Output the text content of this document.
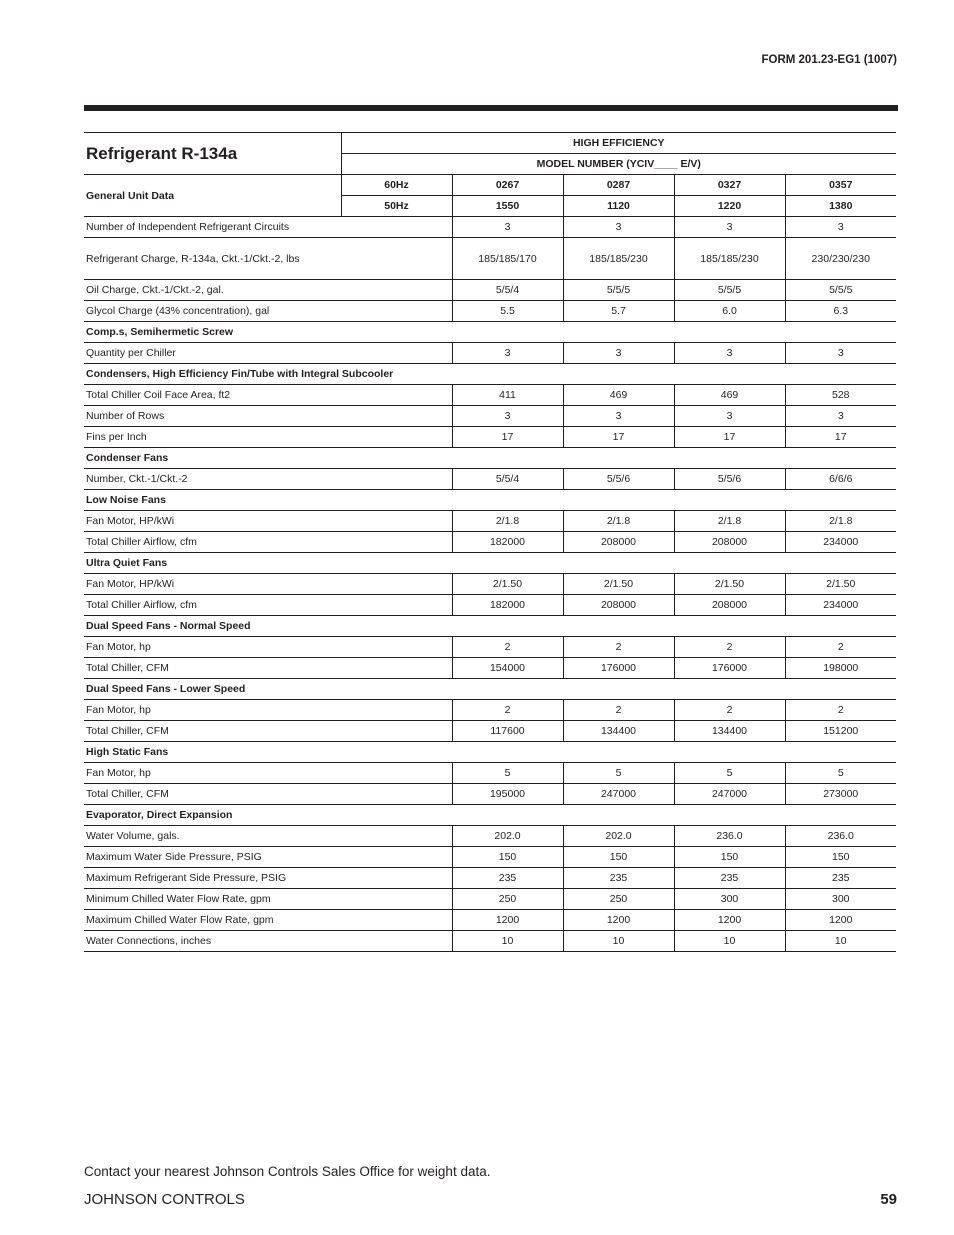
FORM 201.23-EG1 (1007)
Refrigerant R-134a	HIGH EFFICIENCY				
	MODEL NUMBER (YCIV____ E/V)				
General Unit Data	60Hz	0267	0287	0327	0357
	50Hz	1550	1120	1220	1380
Number of Independent Refrigerant Circuits		3	3	3	3
Refrigerant Charge, R-134a, Ckt.-1/Ckt.-2, lbs		185/185/170	185/185/230	185/185/230	230/230/230
Oil Charge, Ckt.-1/Ckt.-2, gal.		5/5/4	5/5/5	5/5/5	5/5/5
Glycol Charge (43% concentration), gal		5.5	5.7	6.0	6.3
Comp.s, Semihermetic Screw					
Quantity per Chiller		3	3	3	3
Condensers, High Efficiency Fin/Tube with Integral Subcooler					
Total Chiller Coil Face Area, ft2		411	469	469	528
Number of Rows		3	3	3	3
Fins per Inch		17	17	17	17
Condenser Fans					
Number, Ckt.-1/Ckt.-2		5/5/4	5/5/6	5/5/6	6/6/6
Low Noise Fans					
Fan Motor, HP/kWi		2/1.8	2/1.8	2/1.8	2/1.8
Total Chiller Airflow, cfm		182000	208000	208000	234000
Ultra Quiet Fans					
Fan Motor, HP/kWi		2/1.50	2/1.50	2/1.50	2/1.50
Total Chiller Airflow, cfm		182000	208000	208000	234000
Dual Speed Fans - Normal Speed					
Fan Motor, hp		2	2	2	2
Total Chiller, CFM		154000	176000	176000	198000
Dual Speed Fans - Lower Speed					
Fan Motor, hp		2	2	2	2
Total Chiller, CFM		117600	134400	134400	151200
High Static Fans					
Fan Motor, hp		5	5	5	5
Total Chiller, CFM		195000	247000	247000	273000
Evaporator, Direct Expansion					
Water Volume, gals.		202.0	202.0	236.0	236.0
Maximum Water Side Pressure, PSIG		150	150	150	150
Maximum Refrigerant Side Pressure, PSIG		235	235	235	235
Minimum Chilled Water Flow Rate, gpm		250	250	300	300
Maximum Chilled Water Flow Rate, gpm		1200	1200	1200	1200
Water Connections, inches		10	10	10	10
Contact your nearest Johnson Controls Sales Office for weight data.
JOHNSON CONTROLS	59
